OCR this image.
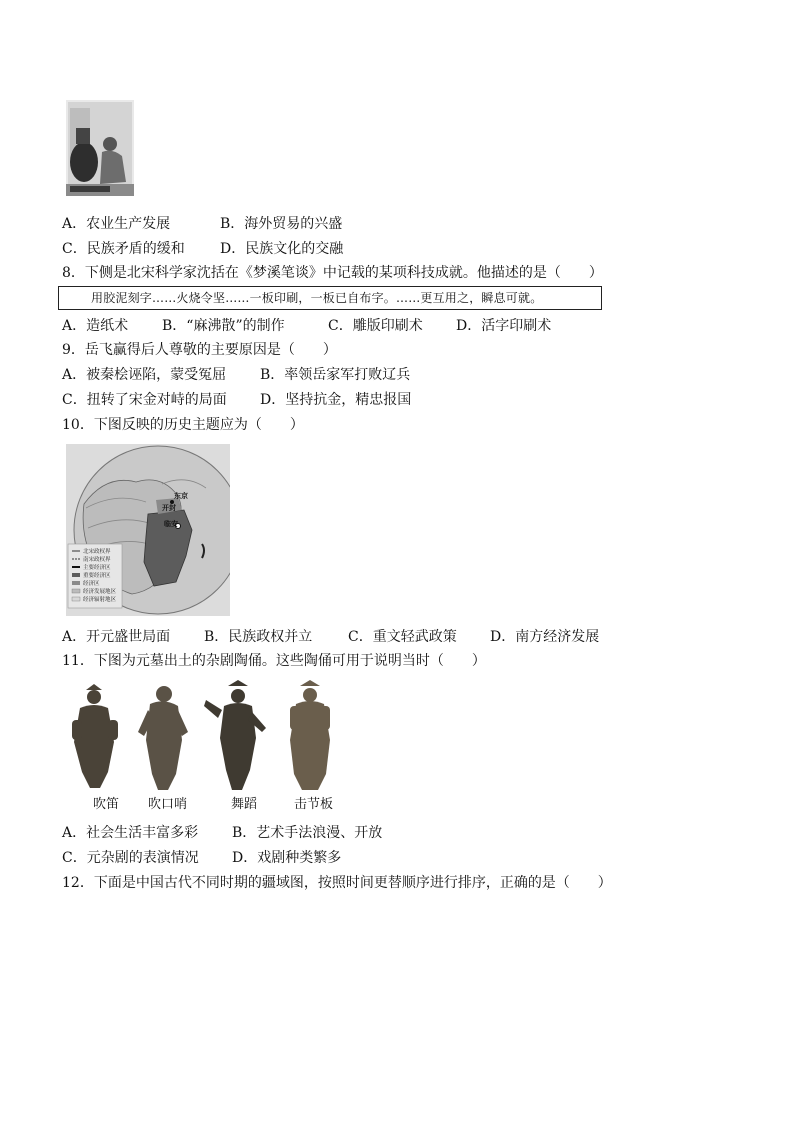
A．农业生产发展	B．海外贸易的兴盛
C．民族矛盾的缓和	D．民族文化的交融
8．下侧是北宋科学家沈括在《梦溪笔谈》中记载的某项科技成就。他描述的是（　　）
用胶泥刻字……火烧令坚……一板印刷，一板已自布字。……更互用之，瞬息可就。
A．造纸术 B．“麻沸散”的制作	C．雕版印刷术 D．活字印刷术
9．岳飞赢得后人尊敬的主要原因是（　　）
A．被秦桧诬陷，蒙受冤屈 B．率领岳家军打败辽兵
C．扭转了宋金对峙的局面 D．坚持抗金，精忠报国
10．下图反映的历史主题应为（　　）
北宋政权界
南宋政权界
主要经济区
重要经济区
经济区
经济发展地区
经济辐射地区
东京
开封
临安
A．开元盛世局面 B．民族政权并立	C．重文轻武政策 D．南方经济发展
11．下图为元墓出土的杂剧陶俑。这些陶俑可用于说明当时（　　）
吹笛 吹口哨	舞蹈	击节板
A．社会生活丰富多彩 B．艺术手法浪漫、开放
C．元杂剧的表演情况 D．戏剧种类繁多
12．下面是中国古代不同时期的疆域图，按照时间更替顺序进行排序，正确的是（　　）
